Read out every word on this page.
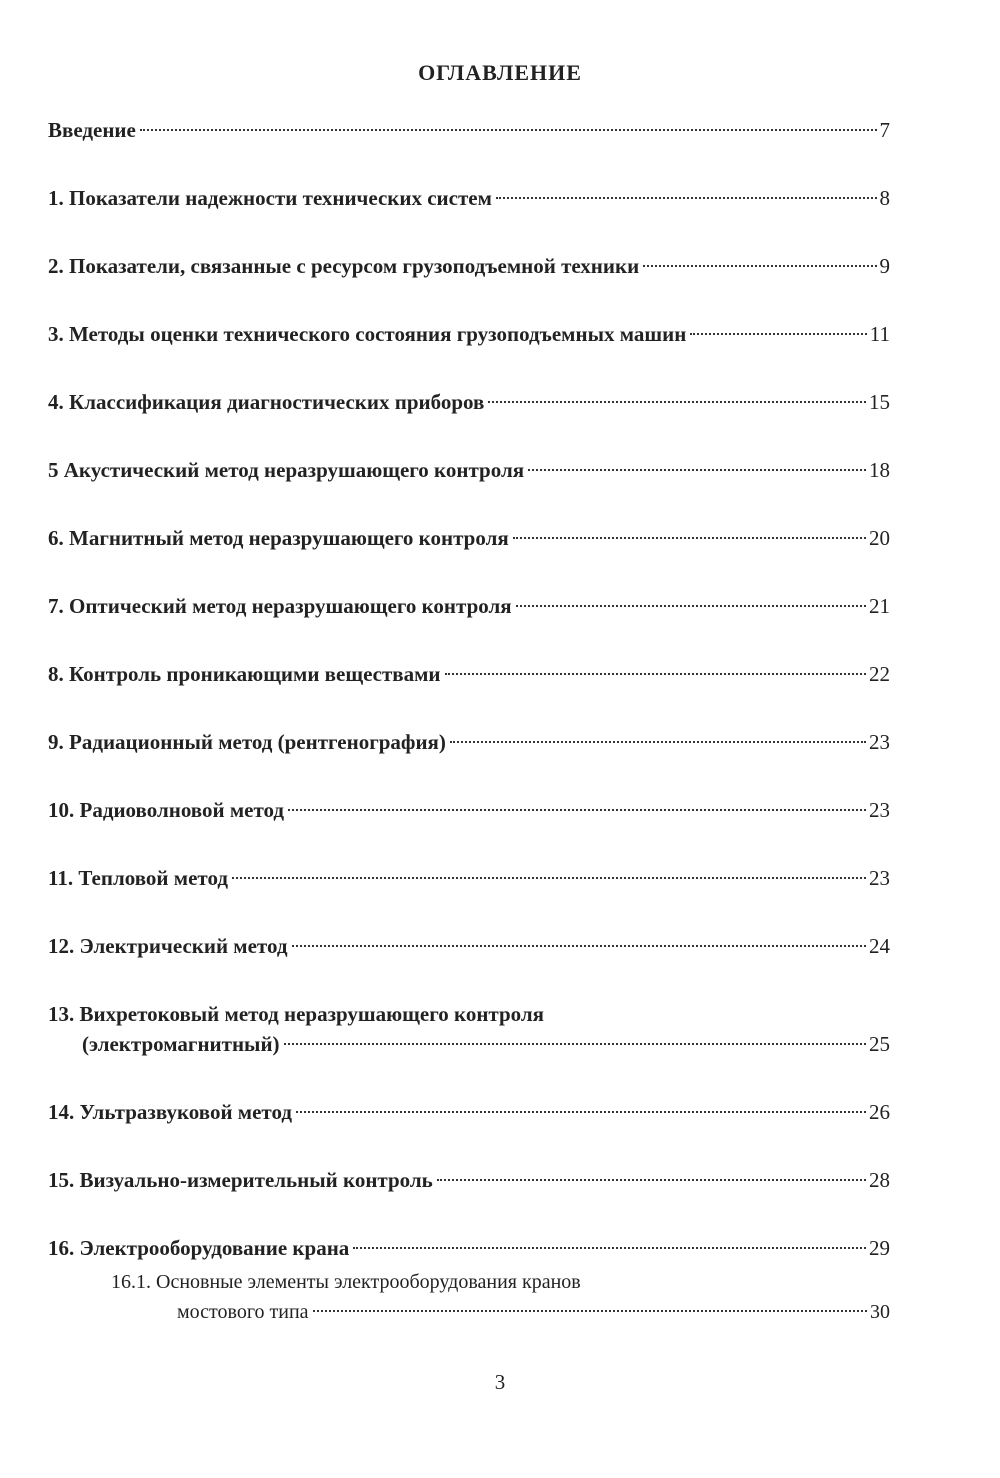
ОГЛАВЛЕНИЕ
Введение	7
1. Показатели надежности технических систем	8
2. Показатели, связанные с ресурсом грузоподъемной техники	9
3. Методы оценки технического состояния грузоподъемных машин	11
4. Классификация диагностических приборов	15
5 Акустический метод неразрушающего контроля	18
6. Магнитный метод неразрушающего контроля	20
7. Оптический метод неразрушающего контроля	21
8. Контроль проникающими веществами	22
9. Радиационный метод (рентгенография)	23
10. Радиоволновой метод	23
11. Тепловой метод	23
12. Электрический метод	24
13. Вихретоковый метод неразрушающего контроля
(электромагнитный)	25
14. Ультразвуковой метод	26
15. Визуально-измерительный контроль	28
16. Электрооборудование крана	29
16.1. Основные элементы электрооборудования кранов
мостового типа	30
3
